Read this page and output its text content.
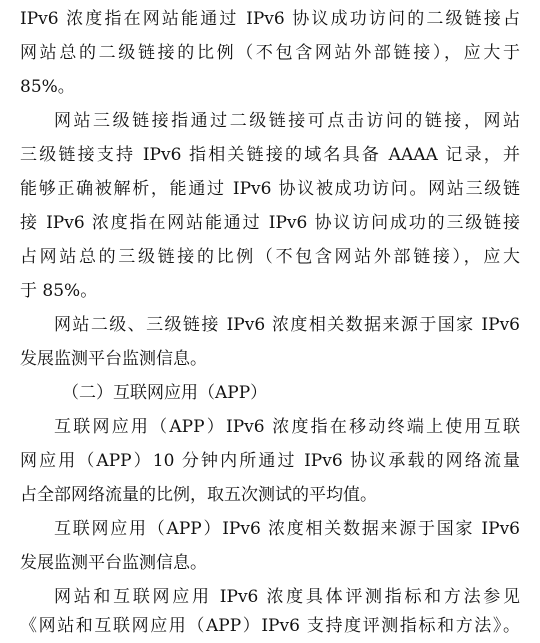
IPv6 浓度指在网站能通过 IPv6 协议成功访问的二级链接占
网站总的二级链接的比例（不包含网站外部链接），应大于
85%。
网站三级链接指通过二级链接可点击访问的链接，网站
三级链接支持 IPv6 指相关链接的域名具备 AAAA 记录，并
能够正确被解析，能通过 IPv6 协议被成功访问。网站三级链
接 IPv6 浓度指在网站能通过 IPv6 协议访问成功的三级链接
占网站总的三级链接的比例（不包含网站外部链接），应大
于 85%。
网站二级、三级链接 IPv6 浓度相关数据来源于国家 IPv6
发展监测平台监测信息。
（二）互联网应用（APP）
互联网应用（APP）IPv6 浓度指在移动终端上使用互联
网应用（APP）10 分钟内所通过 IPv6 协议承载的网络流量
占全部网络流量的比例，取五次测试的平均值。
互联网应用（APP）IPv6 浓度相关数据来源于国家 IPv6
发展监测平台监测信息。
网站和互联网应用 IPv6 浓度具体评测指标和方法参见
《网站和互联网应用（APP）IPv6 支持度评测指标和方法》。
